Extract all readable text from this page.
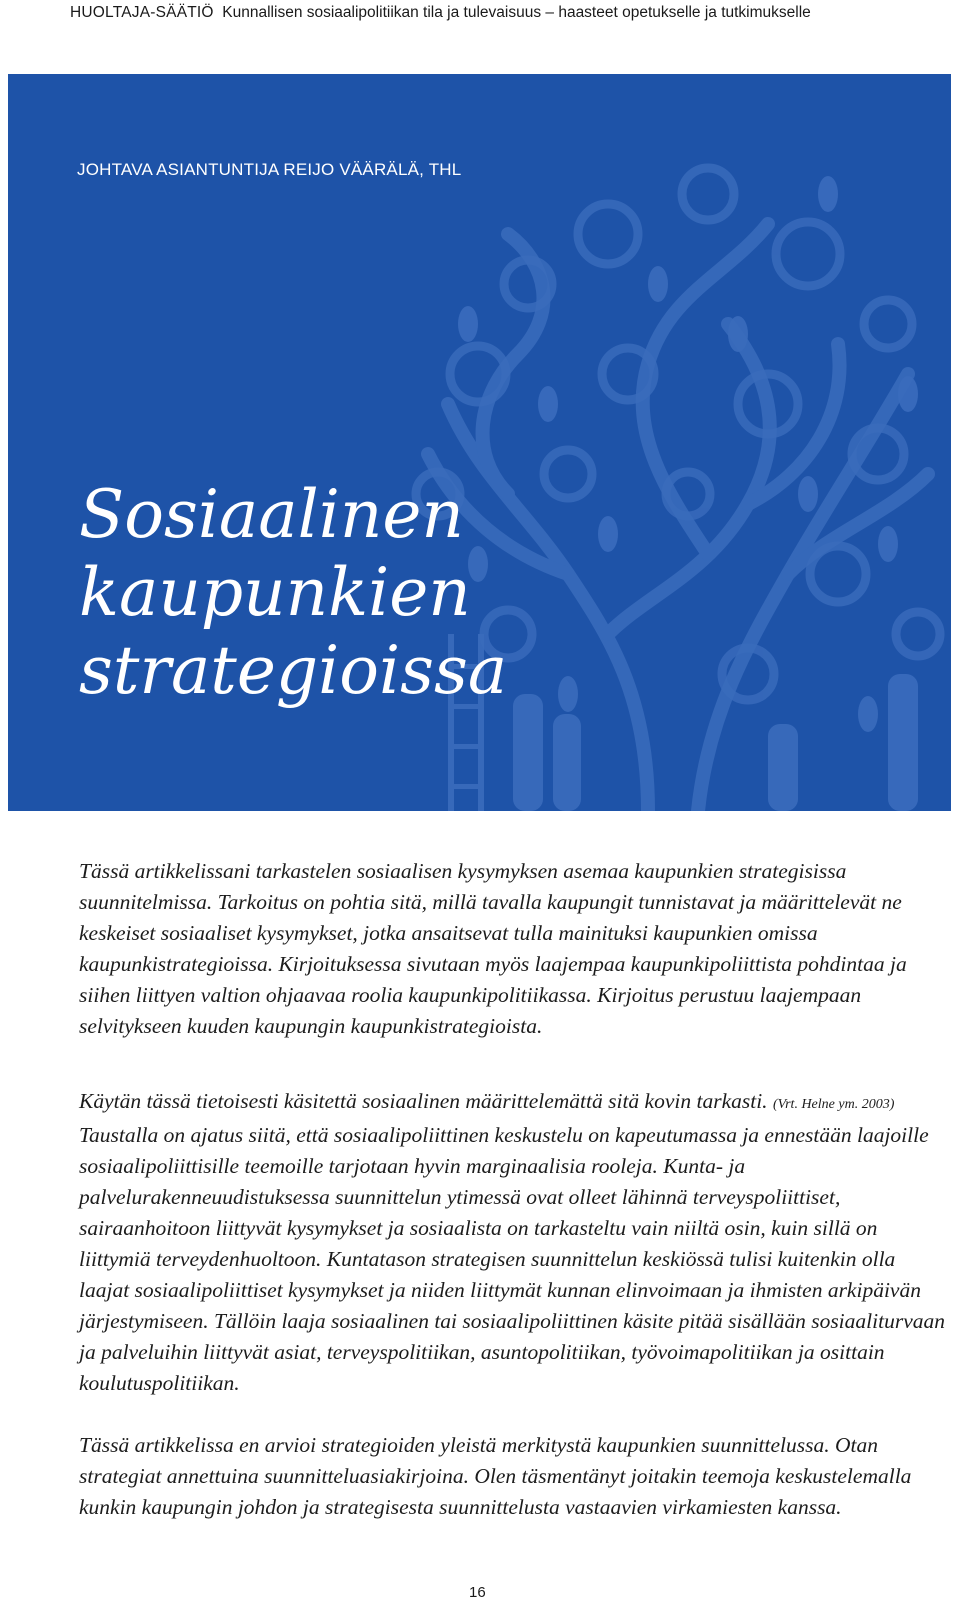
HUOLTAJA-SÄÄTIÖ Kunnallisen sosiaalipolitiikan tila ja tulevaisuus – haasteet opetukselle ja tutkimukselle
JOHTAVA ASIANTUNTIJA REIJO VÄÄRÄLÄ, THL
Sosiaalinen
kaupunkien
strategioissa

Tässä artikkelissani tarkastelen sosiaalisen kysymyksen asemaa kaupunkien strategisissa suunnitelmissa. Tarkoitus on pohtia sitä, millä tavalla kaupungit tunnistavat ja määrittelevät ne keskeiset sosiaaliset kysymykset, jotka ansaitsevat tulla mainituksi kaupunkien omissa kaupunkistrategioissa. Kirjoituksessa sivutaan myös laajempaa kaupunkipoliittista pohdintaa ja siihen liittyen valtion ohjaavaa roolia kaupunkipolitiikassa. Kirjoitus perustuu laajempaan selvitykseen kuuden kaupungin kaupunkistrategioista.

Käytän tässä tietoisesti käsitettä sosiaalinen määrittelemättä sitä kovin tarkasti. (Vrt. Helne ym. 2003) Taustalla on ajatus siitä, että sosiaalipoliittinen keskustelu on kapeutumassa ja ennestään laajoille sosiaalipoliittisille teemoille tarjotaan hyvin marginaalisia rooleja. Kunta- ja palvelurakenneuudistuksessa suunnittelun ytimessä ovat olleet lähinnä terveyspoliittiset, sairaanhoitoon liittyvät kysymykset ja sosiaalista on tarkasteltu vain niiltä osin, kuin sillä on liittymiä terveydenhuoltoon. Kuntatason strategisen suunnittelun keskiössä tulisi kuitenkin olla laajat sosiaalipoliittiset kysymykset ja niiden liittymät kunnan elinvoimaan ja ihmisten arkipäivän järjestymiseen. Tällöin laaja sosiaalinen tai sosiaalipoliittinen käsite pitää sisällään sosiaaliturvaan ja palveluihin liittyvät asiat, terveyspolitiikan, asuntopolitiikan, työvoimapolitiikan ja osittain koulutuspolitiikan.

Tässä artikkelissa en arvioi strategioiden yleistä merkitystä kaupunkien suunnittelussa. Otan strategiat annettuina suunnitteluasiakirjoina. Olen täsmentänyt joitakin teemoja keskustelemalla kunkin kaupungin johdon ja strategisesta suunnittelusta vastaavien virkamiesten kanssa.

16
